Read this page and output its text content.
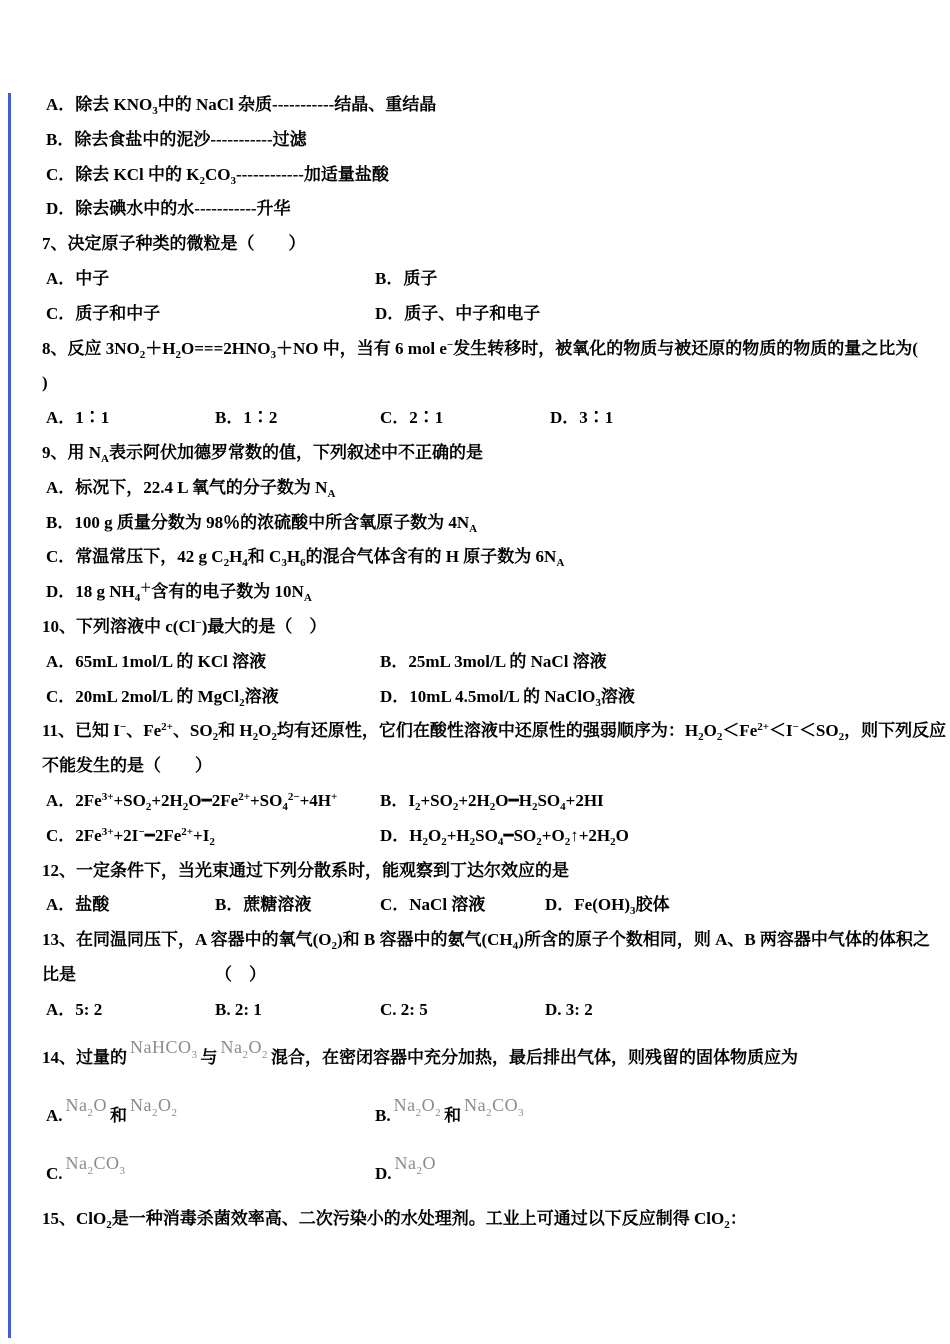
A．除去 $KNO_3$中的 NaCl 杂质-----------结晶、重结晶
B．除去食盐中的泥沙-----------过滤
C．除去 KCl 中的 $K_2CO_3------------$加适量盐酸
D．除去碘水中的水-----------升华
7、决定原子种类的微粒是（　　）
A．中子	B．质子
C．质子和中子	D．质子、中子和电子
8、反应 $3NO_2+H_2O===2HNO_3+NO$ 中，当有 6 mol e−发生转移时，被氧化的物质与被还原的物质的物质的量之比为(
)
A．1∶1	B．1∶2	C．2∶1	D．3∶1
9、用 $N_A$表示阿伏加德罗常数的值，下列叙述中不正确的是
A．标况下，22.4 L 氧气的分子数为 $N_A$
B．100 g 质量分数为 98％的浓硫酸中所含氧原子数为 $4N_A$
C．常温常压下，42 g $C_2H_4$和 $C_3H_6$的混合气体含有的 H 原子数为 $6N_A$
D．18 g $NH_4^+$含有的电子数为 $10N_A$
10、下列溶液中 c(Cl−)最大的是（　）
A．65mL 1mol/L 的 KCl 溶液	B．25mL 3mol/L 的 NaCl 溶液
C．20mL 2mol/L 的 MgCl$_2$溶液	D．10mL 4.5mol/L 的 NaClO$_3$溶液
11、已知 I−、$Fe^{2+}$、$SO_2$和 $H_2O_2$均有还原性，它们在酸性溶液中还原性的强弱顺序为：$H_2O_2<Fe^{2+}<I^-<SO_2$，则下列反应
不能发生的是（　　）
A．$2Fe^{3+}+SO_2+2H_2O━2Fe^{2+}+SO_4^{2-}+4H^+$	B．$I_2+SO_2+2H_2O━H_2SO_4+2HI$
C．$2Fe^{3+}+2I^-━2Fe^{2+}+I_2$	D．$H_2O_2+H_2SO_4━SO_2+O_2↑+2H_2O$
12、一定条件下，当光束通过下列分散系时，能观察到丁达尔效应的是
A．盐酸	B．蔗糖溶液	C．NaCl 溶液	D．$Fe(OH)_3$胶体
13、在同温同压下，A 容器中的氧气$(O_2)$和 B 容器中的氨气$(CH_4)$所含的原子个数相同，则 A、B 两容器中气体的体积之
比是	（　）
A．5: 2	B. 2: 1	C. 2: 5	D. 3: 2
14、过量的NaHCO$_3$ 与$Na_2O_2$ 混合，在密闭容器中充分加热，最后排出气体，则残留的固体物质应为
$A.Na_2O$和$Na_2O_2$	$B.Na_2O_2$ 和$Na_2CO_3$
$C.Na_2CO_3$	$D.Na_2O$
15、ClO$_2$是一种消毒杀菌效率高、二次污染小的水处理剂。工业上可通过以下反应制得 ClO$_2$：
